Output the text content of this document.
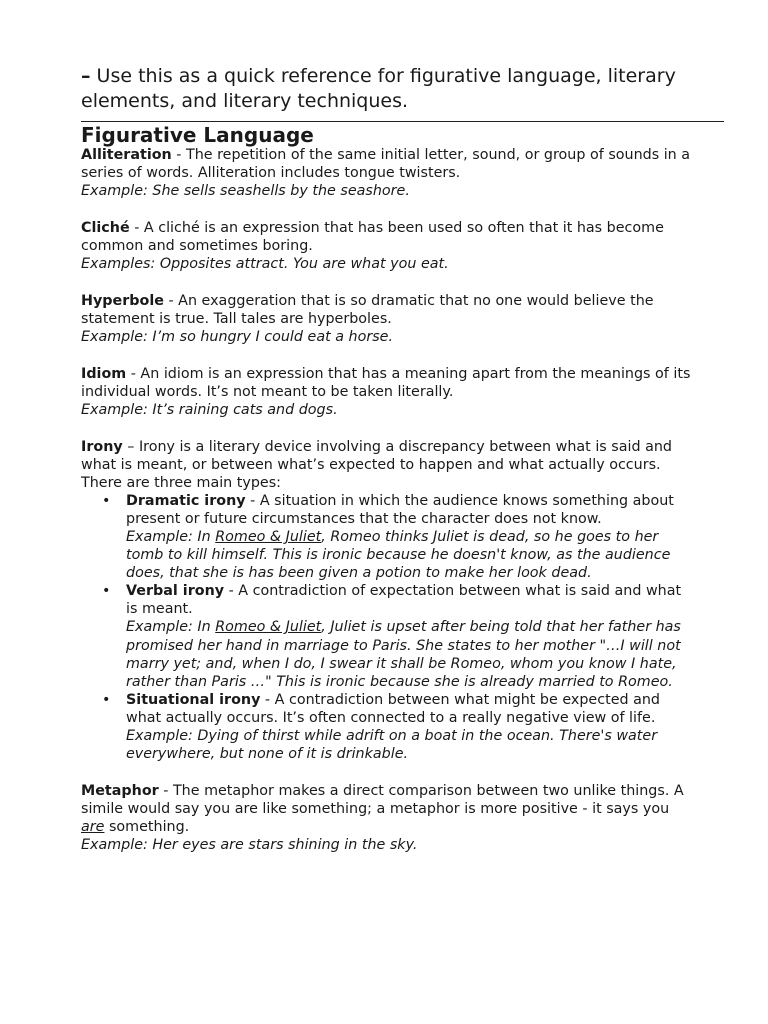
– Use this as a quick reference for figurative language, literary elements, and literary techniques.
Figurative Language
Alliteration - The repetition of the same initial letter, sound, or group of sounds in a series of words. Alliteration includes tongue twisters.
Example: She sells seashells by the seashore.
Cliché - A cliché is an expression that has been used so often that it has become common and sometimes boring.
Examples: Opposites attract. You are what you eat.
Hyperbole - An exaggeration that is so dramatic that no one would believe the statement is true. Tall tales are hyperboles.
Example: I’m so hungry I could eat a horse.
Idiom - An idiom is an expression that has a meaning apart from the meanings of its individual words. It’s not meant to be taken literally.
Example: It’s raining cats and dogs.
Irony – Irony is a literary device involving a discrepancy between what is said and what is meant, or between what’s expected to happen and what actually occurs. There are three main types:
• Dramatic irony - A situation in which the audience knows something about present or future circumstances that the character does not know.
Example: In Romeo & Juliet, Romeo thinks Juliet is dead, so he goes to her tomb to kill himself. This is ironic because he doesn't know, as the audience does, that she is has been given a potion to make her look dead.
• Verbal irony - A contradiction of expectation between what is said and what is meant.
Example: In Romeo & Juliet, Juliet is upset after being told that her father has promised her hand in marriage to Paris. She states to her mother "…I will not marry yet; and, when I do, I swear it shall be Romeo, whom you know I hate, rather than Paris …" This is ironic because she is already married to Romeo.
• Situational irony - A contradiction between what might be expected and what actually occurs. It’s often connected to a really negative view of life.
Example: Dying of thirst while adrift on a boat in the ocean. There's water everywhere, but none of it is drinkable.
Metaphor - The metaphor makes a direct comparison between two unlike things. A simile would say you are like something; a metaphor is more positive - it says you are something.
Example: Her eyes are stars shining in the sky.
